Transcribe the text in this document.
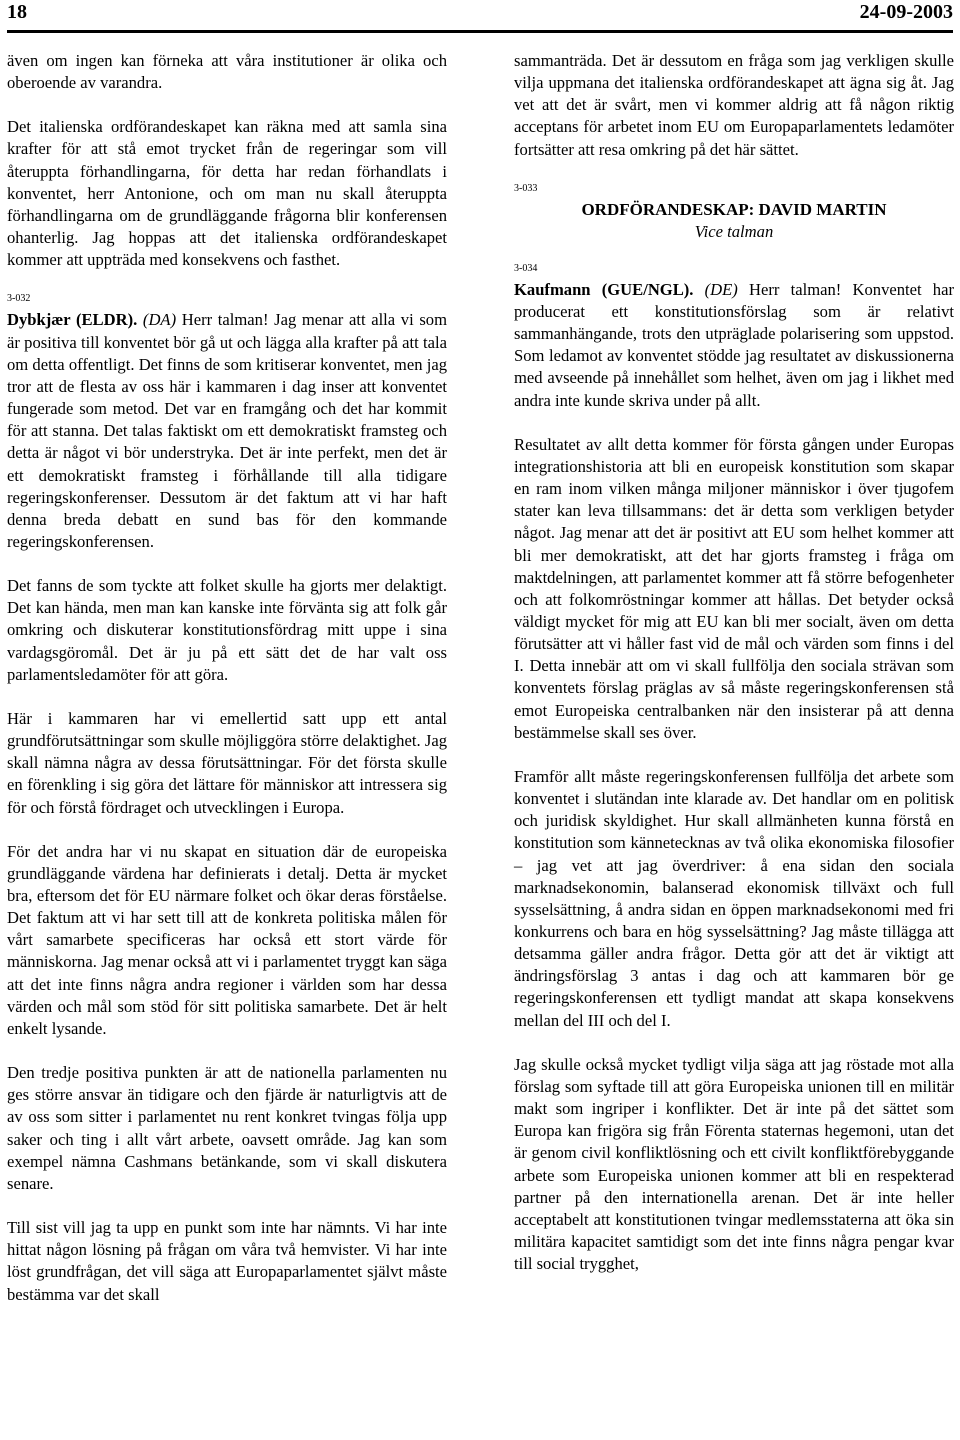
18	24-09-2003

även om ingen kan förneka att våra institutioner är olika och oberoende av varandra.

Det italienska ordförandeskapet kan räkna med att samla sina krafter för att stå emot trycket från de regeringar som vill återuppta förhandlingarna, för detta har redan förhandlats i konventet, herr Antonione, och om man nu skall återuppta förhandlingarna om de grundläggande frågorna blir konferensen ohanterlig. Jag hoppas att det italienska ordförandeskapet kommer att uppträda med konsekvens och fasthet.

3-032

Dybkjær (ELDR). (DA) Herr talman! Jag menar att alla vi som är positiva till konventet bör gå ut och lägga alla krafter på att tala om detta offentligt. Det finns de som kritiserar konventet, men jag tror att de flesta av oss här i kammaren i dag inser att konventet fungerade som metod. Det var en framgång och det har kommit för att stanna. Det talas faktiskt om ett demokratiskt framsteg och detta är något vi bör understryka. Det är inte perfekt, men det är ett demokratiskt framsteg i förhållande till alla tidigare regeringskonferenser. Dessutom är det faktum att vi har haft denna breda debatt en sund bas för den kommande regeringskonferensen.

Det fanns de som tyckte att folket skulle ha gjorts mer delaktigt. Det kan hända, men man kan kanske inte förvänta sig att folk går omkring och diskuterar konstitutionsfördrag mitt uppe i sina vardagsgöromål. Det är ju på ett sätt det de har valt oss parlamentsledamöter för att göra.

Här i kammaren har vi emellertid satt upp ett antal grundförutsättningar som skulle möjliggöra större delaktighet. Jag skall nämna några av dessa förutsättningar. För det första skulle en förenkling i sig göra det lättare för människor att intressera sig för och förstå fördraget och utvecklingen i Europa.

För det andra har vi nu skapat en situation där de europeiska grundläggande värdena har definierats i detalj. Detta är mycket bra, eftersom det för EU närmare folket och ökar deras förståelse. Det faktum att vi har sett till att de konkreta politiska målen för vårt samarbete specificeras har också ett stort värde för människorna. Jag menar också att vi i parlamentet tryggt kan säga att det inte finns några andra regioner i världen som har dessa värden och mål som stöd för sitt politiska samarbete. Det är helt enkelt lysande.

Den tredje positiva punkten är att de nationella parlamenten nu ges större ansvar än tidigare och den fjärde är naturligtvis att de av oss som sitter i parlamentet nu rent konkret tvingas följa upp saker och ting i allt vårt arbete, oavsett område. Jag kan som exempel nämna Cashmans betänkande, som vi skall diskutera senare.

Till sist vill jag ta upp en punkt som inte har nämnts. Vi har inte hittat någon lösning på frågan om våra två hemvister. Vi har inte löst grundfrågan, det vill säga att Europaparlamentet självt måste bestämma var det skall

sammanträda. Det är dessutom en fråga som jag verkligen skulle vilja uppmana det italienska ordförandeskapet att ägna sig åt. Jag vet att det är svårt, men vi kommer aldrig att få någon riktig acceptans för arbetet inom EU om Europaparlamentets ledamöter fortsätter att resa omkring på det här sättet.

3-033

ORDFÖRANDESKAP: DAVID MARTIN

Vice talman

3-034

Kaufmann (GUE/NGL). (DE) Herr talman! Konventet har producerat ett konstitutionsförslag som är relativt sammanhängande, trots den utpräglade polarisering som uppstod. Som ledamot av konventet stödde jag resultatet av diskussionerna med avseende på innehållet som helhet, även om jag i likhet med andra inte kunde skriva under på allt.

Resultatet av allt detta kommer för första gången under Europas integrationshistoria att bli en europeisk konstitution som skapar en ram inom vilken många miljoner människor i över tjugofem stater kan leva tillsammans: det är detta som verkligen betyder något. Jag menar att det är positivt att EU som helhet kommer att bli mer demokratiskt, att det har gjorts framsteg i fråga om maktdelningen, att parlamentet kommer att få större befogenheter och att folkomröstningar kommer att hållas. Det betyder också väldigt mycket för mig att EU kan bli mer socialt, även om detta förutsätter att vi håller fast vid de mål och värden som finns i del I. Detta innebär att om vi skall fullfölja den sociala strävan som konventets förslag präglas av så måste regeringskonferensen stå emot Europeiska centralbanken när den insisterar på att denna bestämmelse skall ses över.

Framför allt måste regeringskonferensen fullfölja det arbete som konventet i slutändan inte klarade av. Det handlar om en politisk och juridisk skyldighet. Hur skall allmänheten kunna förstå en konstitution som kännetecknas av två olika ekonomiska filosofier – jag vet att jag överdriver: å ena sidan den sociala marknadsekonomin, balanserad ekonomisk tillväxt och full sysselsättning, å andra sidan en öppen marknadsekonomi med fri konkurrens och bara en hög sysselsättning? Jag måste tillägga att detsamma gäller andra frågor. Detta gör att det är viktigt att ändringsförslag 3 antas i dag och att kammaren bör ge regeringskonferensen ett tydligt mandat att skapa konsekvens mellan del III och del I.

Jag skulle också mycket tydligt vilja säga att jag röstade mot alla förslag som syftade till att göra Europeiska unionen till en militär makt som ingriper i konflikter. Det är inte på det sättet som Europa kan frigöra sig från Förenta staternas hegemoni, utan det är genom civil konfliktlösning och ett civilt konfliktförebyggande arbete som Europeiska unionen kommer att bli en respekterad partner på den internationella arenan. Det är inte heller acceptabelt att konstitutionen tvingar medlemsstaterna att öka sin militära kapacitet samtidigt som det inte finns några pengar kvar till social trygghet,
